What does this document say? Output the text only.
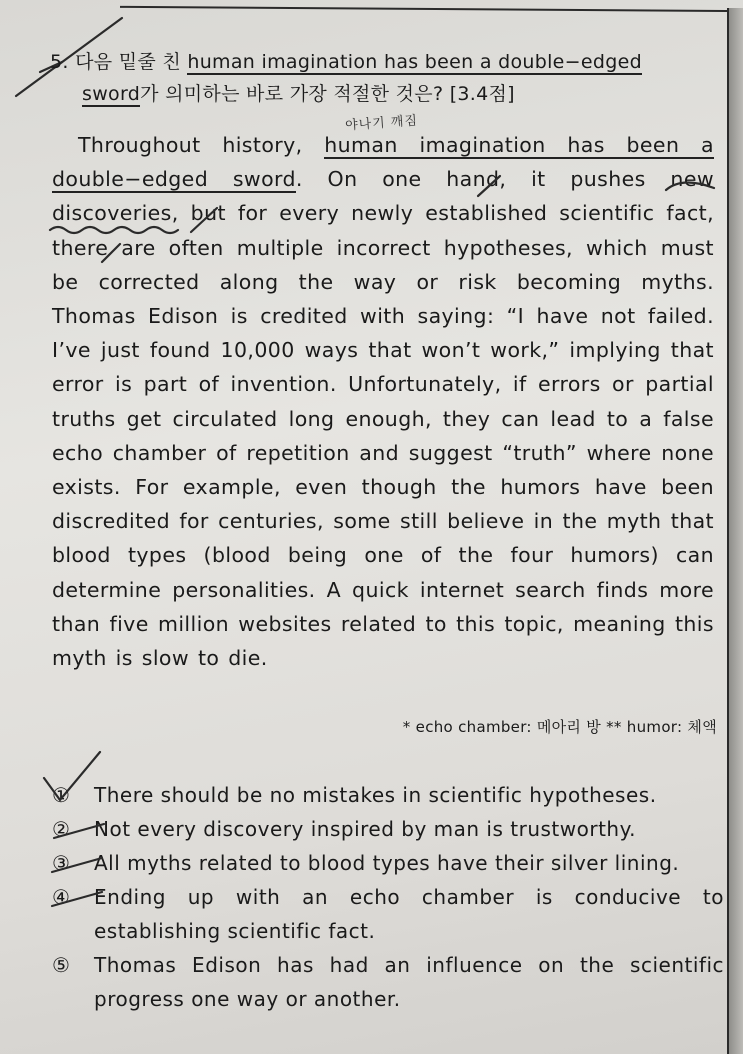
5. 다음 밑줄 친 human imagination has been a double−edged
sword가 의미하는 바로 가장 적절한 것은? [3.4점]
야나기 깨짐
Throughout history, human imagination has been a double−edged sword. On one hand, it pushes new discoveries, but for every newly established scientific fact, there are often multiple incorrect hypotheses, which must be corrected along the way or risk becoming myths. Thomas Edison is credited with saying: “I have not failed. I’ve just found 10,000 ways that won’t work,” implying that error is part of invention. Unfortunately, if errors or partial truths get circulated long enough, they can lead to a false echo chamber of repetition and suggest “truth” where none exists. For example, even though the humors have been discredited for centuries, some still believe in the myth that blood types (blood being one of the four humors) can determine personalities. A quick internet search finds more than five million websites related to this topic, meaning this myth is slow to die.
* echo chamber: 메아리 방 ** humor: 체액
①	There should be no mistakes in scientific hypotheses.
②	Not every discovery inspired by man is trustworthy.
③	All myths related to blood types have their silver lining.
④	Ending up with an echo chamber is conducive to establishing scientific fact.
⑤	Thomas Edison has had an influence on the scientific progress one way or another.
